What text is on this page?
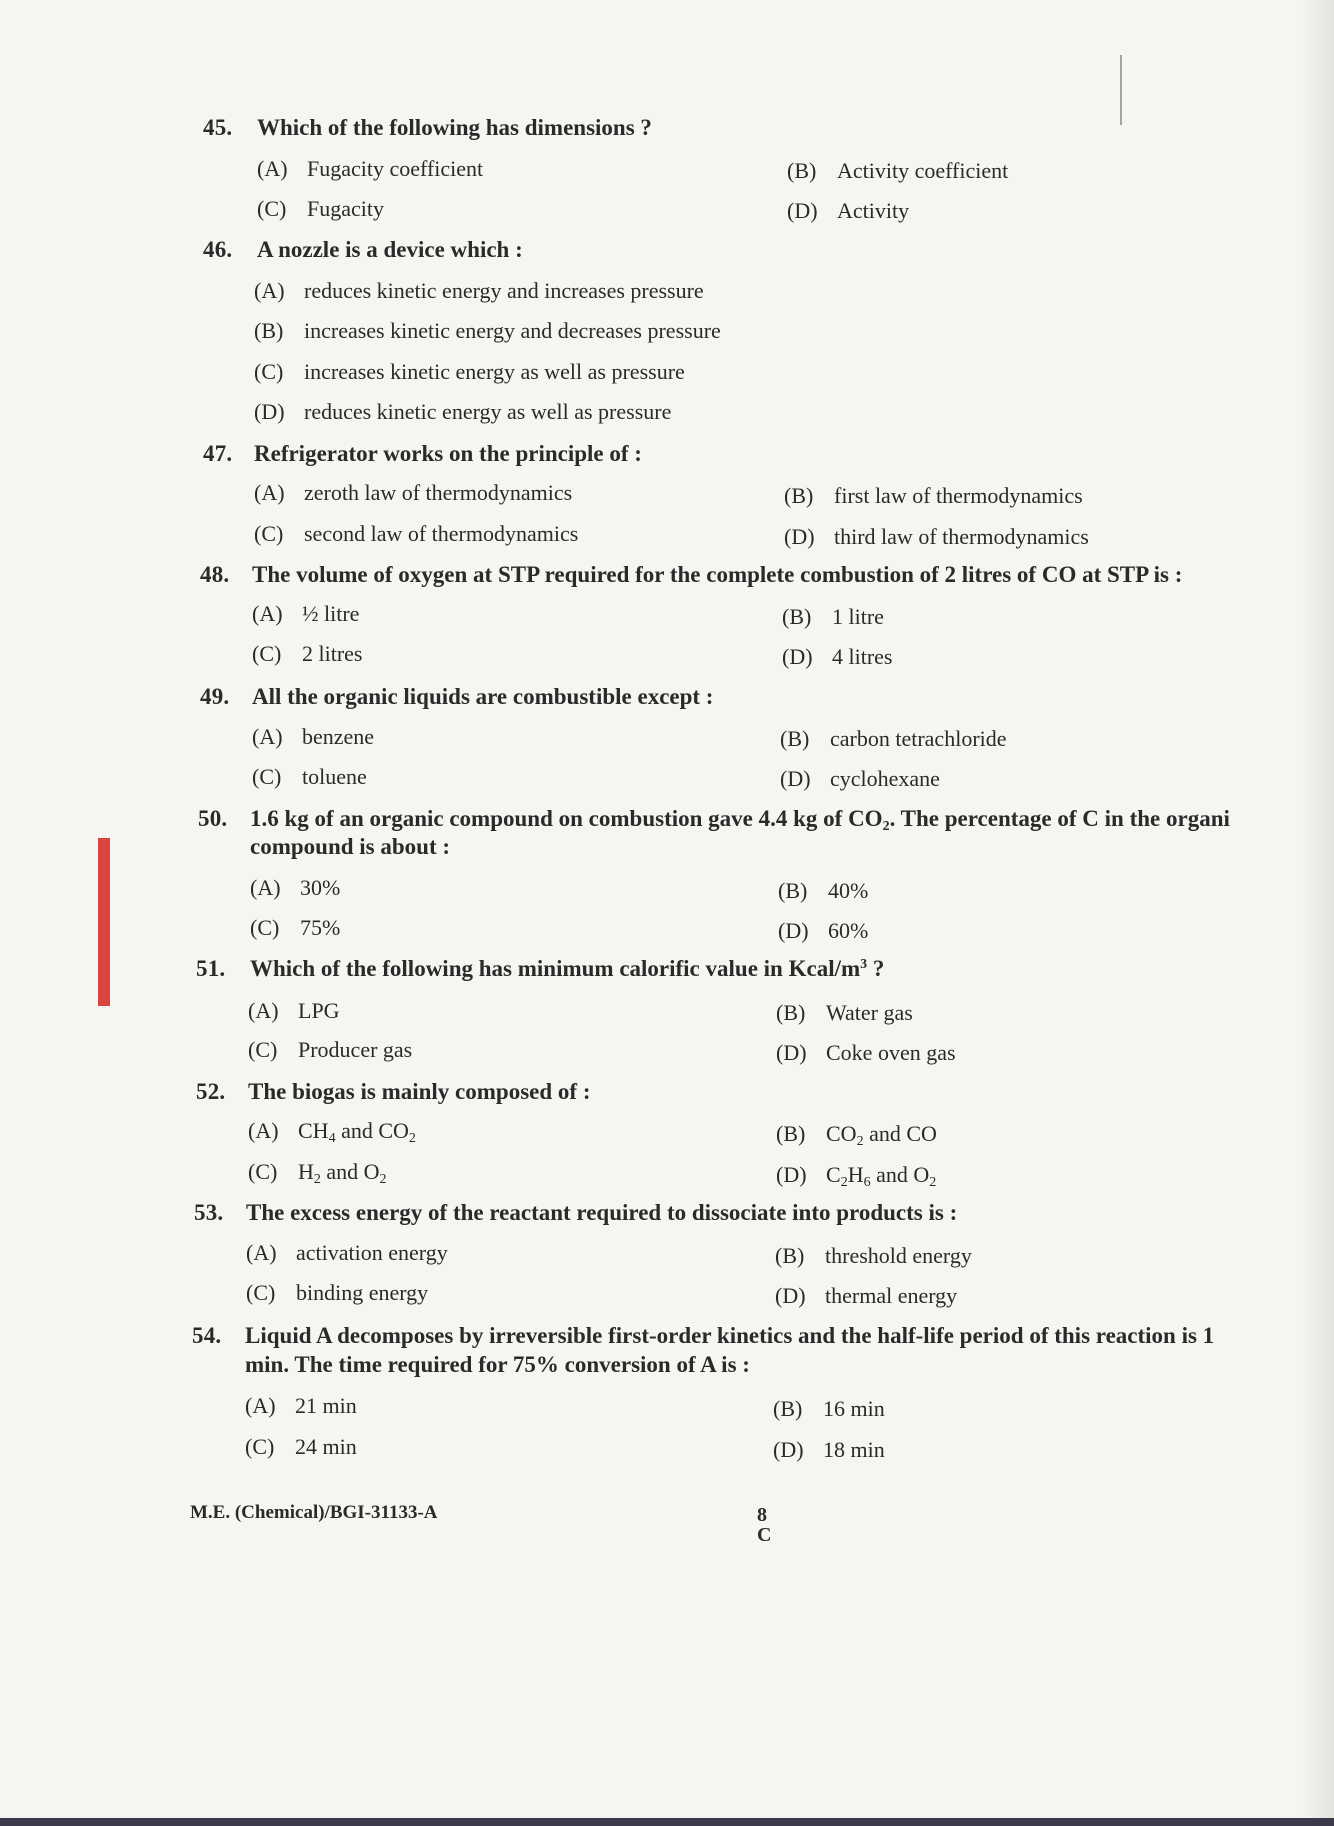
45. Which of the following has dimensions ?
(A) Fugacity coefficient	(B) Activity coefficient
(C) Fugacity	(D) Activity
46. A nozzle is a device which :
(A) reduces kinetic energy and increases pressure
(B) increases kinetic energy and decreases pressure
(C) increases kinetic energy as well as pressure
(D) reduces kinetic energy as well as pressure
47. Refrigerator works on the principle of :
(A) zeroth law of thermodynamics	(B) first law of thermodynamics
(C) second law of thermodynamics	(D) third law of thermodynamics
48. The volume of oxygen at STP required for the complete combustion of 2 litres of CO at STP is :
(A) ½ litre	(B) 1 litre
(C) 2 litres	(D) 4 litres
49. All the organic liquids are combustible except :
(A) benzene	(B) carbon tetrachloride
(C) toluene	(D) cyclohexane
50. 1.6 kg of an organic compound on combustion gave 4.4 kg of $CO_2$. The percentage of C in the organi
compound is about :
(A) 30%	(B) 40%
(C) 75%	(D) 60%
51. Which of the following has minimum calorific value in Kcal/$m^3$ ?
(A) LPG	(B) Water gas
(C) Producer gas	(D) Coke oven gas
52. The biogas is mainly composed of :
(A) $CH_4$ and $CO_2$	(B) $CO_2$ and CO
(C) $H_2$ and $O_2$	(D) $C_2H_6$ and $O_2$
53. The excess energy of the reactant required to dissociate into products is :
(A) activation energy	(B) threshold energy
(C) binding energy	(D) thermal energy
54. Liquid A decomposes by irreversible first-order kinetics and the half-life period of this reaction is 1
min. The time required for 75% conversion of A is :
(A) 21 min	(B) 16 min
(C) 24 min	(D) 18 min
M.E. (Chemical)/BGI-31133-A	8
C
